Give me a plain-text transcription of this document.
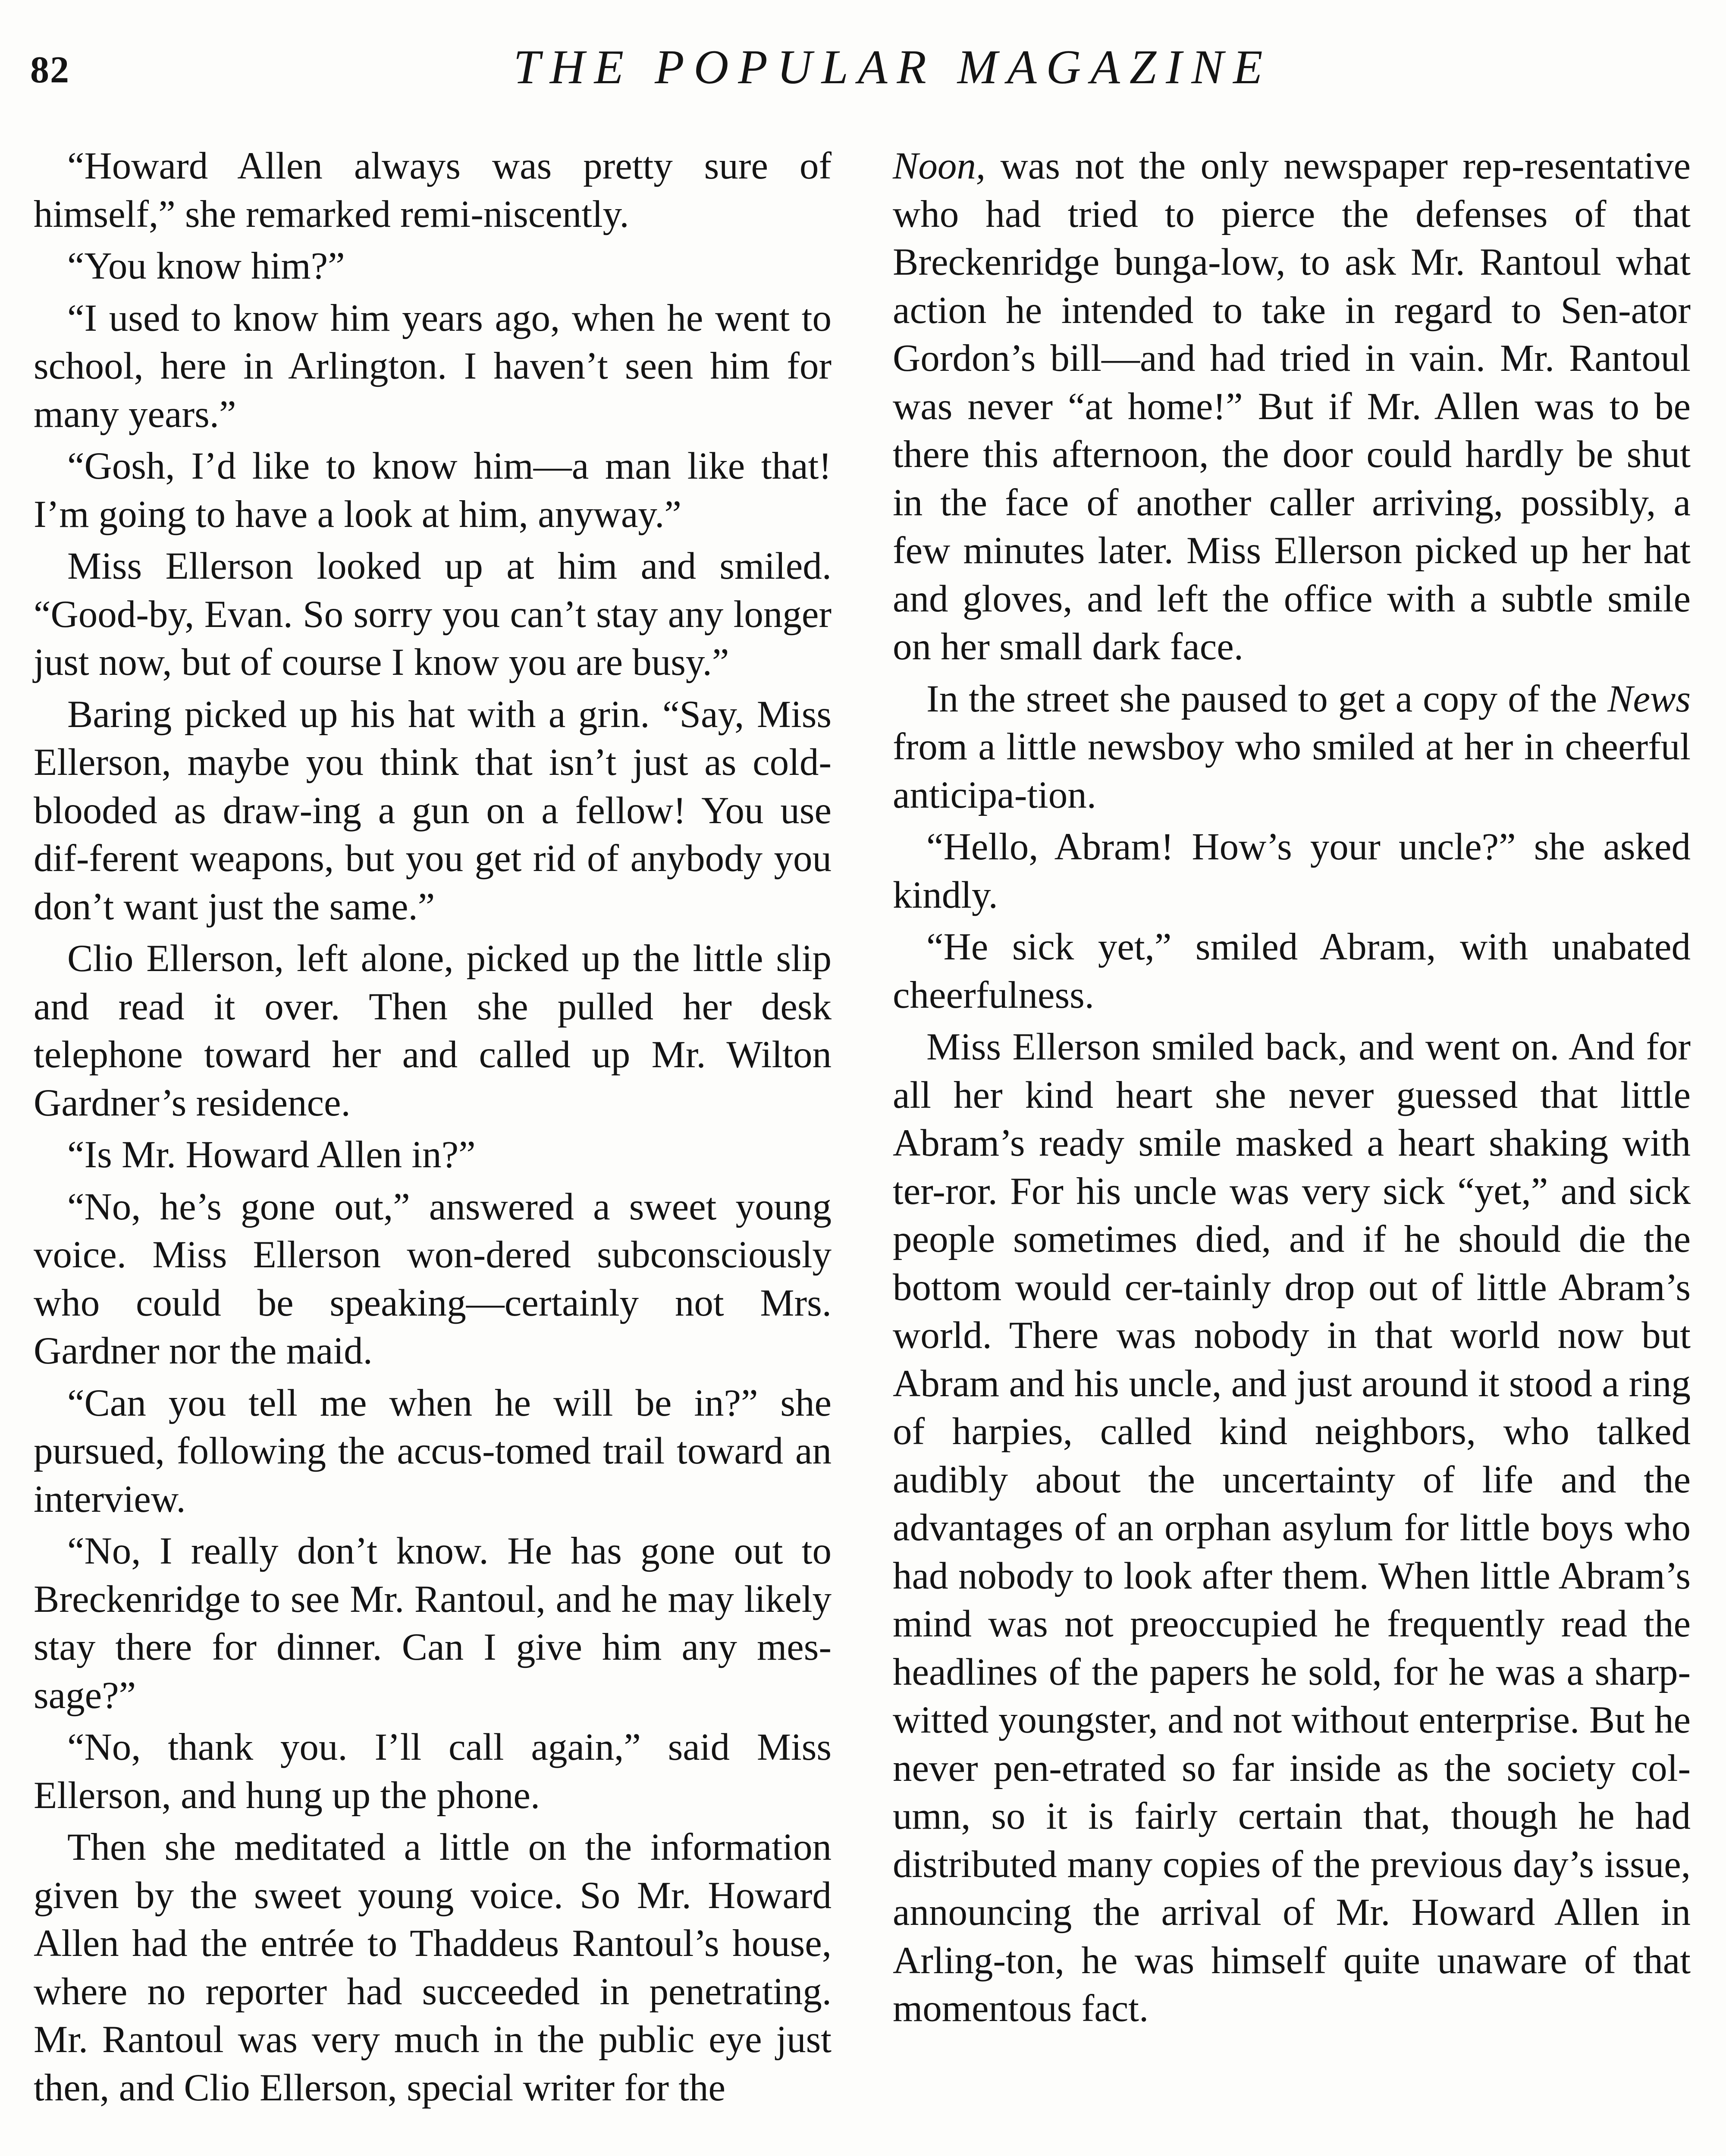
82	THE POPULAR MAGAZINE

“Howard Allen always was pretty sure of himself,” she remarked remi-niscently.

“You know him?”

“I used to know him years ago, when he went to school, here in Arlington. I haven’t seen him for many years.”

“Gosh, I’d like to know him—a man like that! I’m going to have a look at him, anyway.”

Miss Ellerson looked up at him and smiled. “Good-by, Evan. So sorry you can’t stay any longer just now, but of course I know you are busy.”

Baring picked up his hat with a grin. “Say, Miss Ellerson, maybe you think that isn’t just as cold-blooded as draw-ing a gun on a fellow! You use dif-ferent weapons, but you get rid of anybody you don’t want just the same.”

Clio Ellerson, left alone, picked up the little slip and read it over. Then she pulled her desk telephone toward her and called up Mr. Wilton Gardner’s residence.

“Is Mr. Howard Allen in?”

“No, he’s gone out,” answered a sweet young voice. Miss Ellerson won-dered subconsciously who could be speaking—certainly not Mrs. Gardner nor the maid.

“Can you tell me when he will be in?” she pursued, following the accus-tomed trail toward an interview.

“No, I really don’t know. He has gone out to Breckenridge to see Mr. Rantoul, and he may likely stay there for dinner. Can I give him any mes-sage?”

“No, thank you. I’ll call again,” said Miss Ellerson, and hung up the phone.

Then she meditated a little on the information given by the sweet young voice. So Mr. Howard Allen had the entrée to Thaddeus Rantoul’s house, where no reporter had succeeded in penetrating. Mr. Rantoul was very much in the public eye just then, and Clio Ellerson, special writer for the

Noon, was not the only newspaper rep-resentative who had tried to pierce the defenses of that Breckenridge bunga-low, to ask Mr. Rantoul what action he intended to take in regard to Sen-ator Gordon’s bill—and had tried in vain. Mr. Rantoul was never “at home!” But if Mr. Allen was to be there this afternoon, the door could hardly be shut in the face of another caller arriving, possibly, a few minutes later. Miss Ellerson picked up her hat and gloves, and left the office with a subtle smile on her small dark face.

In the street she paused to get a copy of the News from a little newsboy who smiled at her in cheerful anticipa-tion.

“Hello, Abram! How’s your uncle?” she asked kindly.

“He sick yet,” smiled Abram, with unabated cheerfulness.

Miss Ellerson smiled back, and went on. And for all her kind heart she never guessed that little Abram’s ready smile masked a heart shaking with ter-ror. For his uncle was very sick “yet,” and sick people sometimes died, and if he should die the bottom would cer-tainly drop out of little Abram’s world. There was nobody in that world now but Abram and his uncle, and just around it stood a ring of harpies, called kind neighbors, who talked audibly about the uncertainty of life and the advantages of an orphan asylum for little boys who had nobody to look after them. When little Abram’s mind was not preoccupied he frequently read the headlines of the papers he sold, for he was a sharp-witted youngster, and not without enterprise. But he never pen-etrated so far inside as the society col-umn, so it is fairly certain that, though he had distributed many copies of the previous day’s issue, announcing the arrival of Mr. Howard Allen in Arling-ton, he was himself quite unaware of that momentous fact.
